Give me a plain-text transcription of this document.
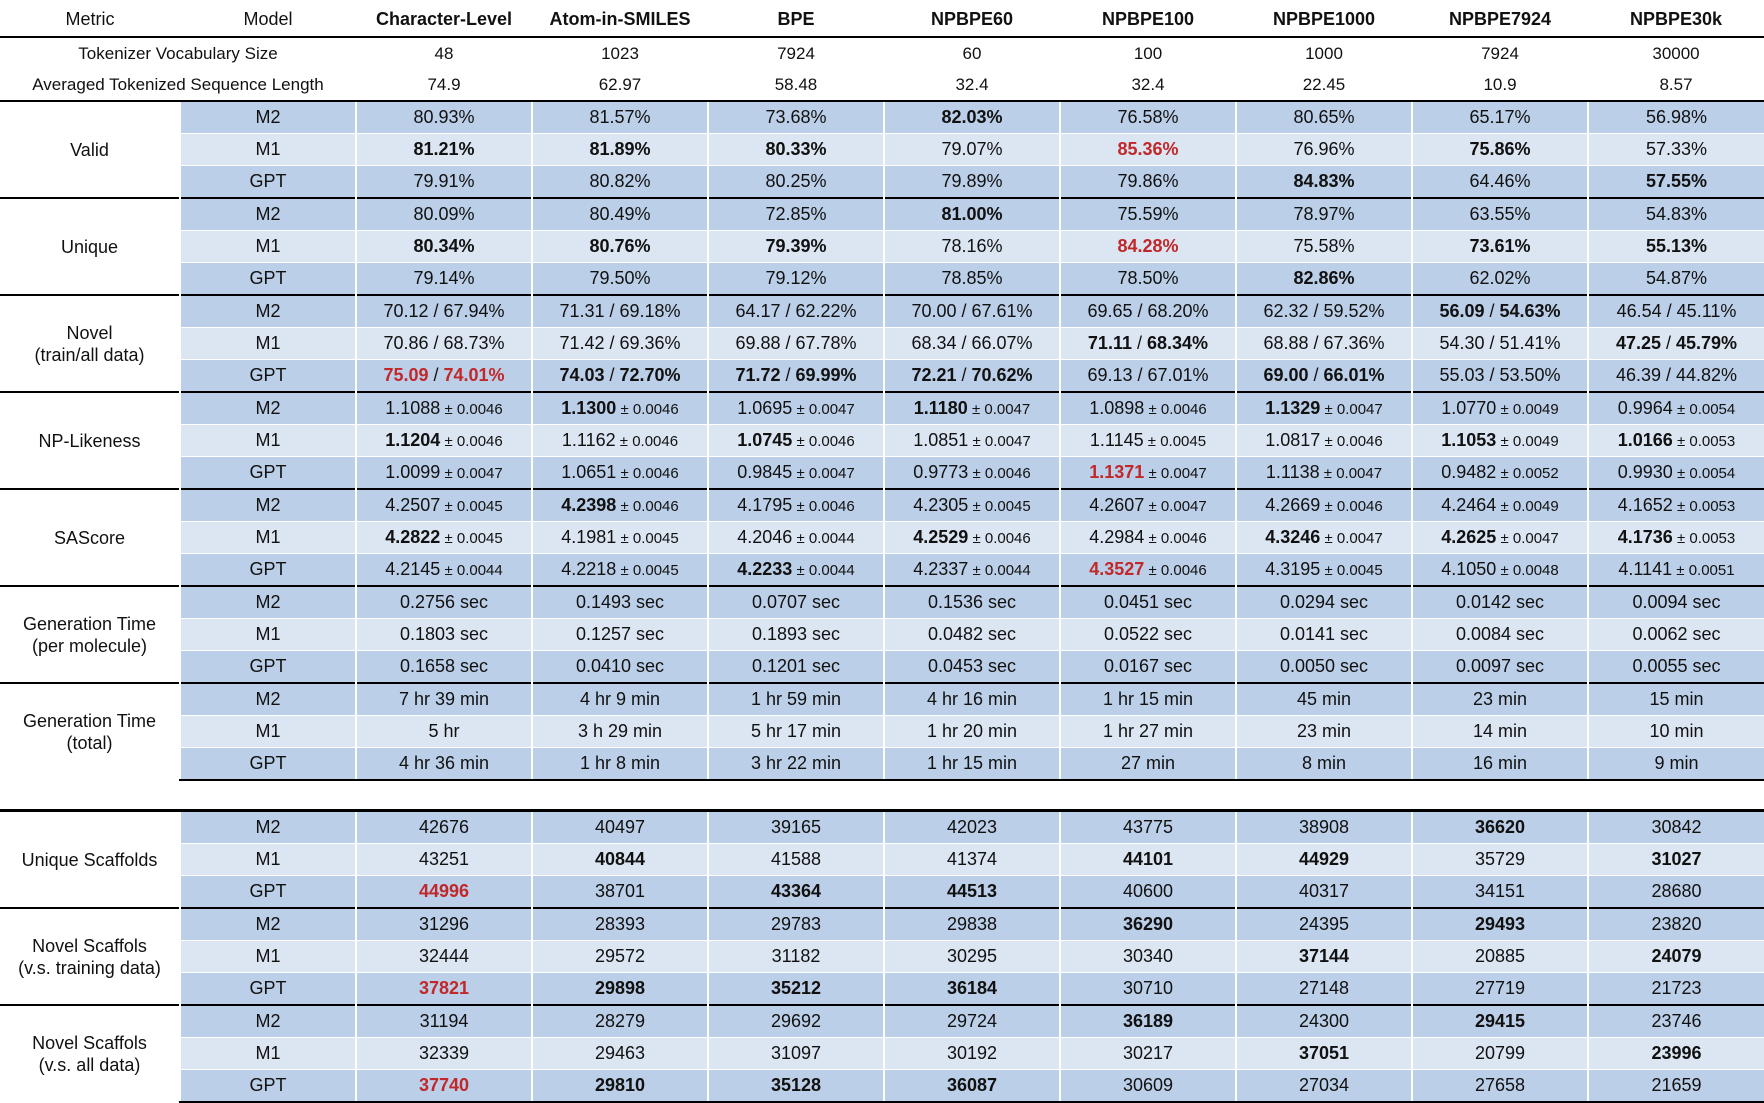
Metric	Model	Character-Level	Atom-in-SMILES	BPE	NPBPE60	NPBPE100	NPBPE1000	NPBPE7924	NPBPE30k
Tokenizer Vocabulary Size		48	1023	7924	60	100	1000	7924	30000
Averaged Tokenized Sequence Length		74.9	62.97	58.48	32.4	32.4	22.45	10.9	8.57
Valid	M2	80.93%	81.57%	73.68%	82.03%	76.58%	80.65%	65.17%	56.98%
	M1	81.21%	81.89%	80.33%	79.07%	85.36%	76.96%	75.86%	57.33%
	GPT	79.91%	80.82%	80.25%	79.89%	79.86%	84.83%	64.46%	57.55%
Unique	M2	80.09%	80.49%	72.85%	81.00%	75.59%	78.97%	63.55%	54.83%
	M1	80.34%	80.76%	79.39%	78.16%	84.28%	75.58%	73.61%	55.13%
	GPT	79.14%	79.50%	79.12%	78.85%	78.50%	82.86%	62.02%	54.87%
Novel
(train/all data)	M2	70.12 / 67.94%	71.31 / 69.18%	64.17 / 62.22%	70.00 / 67.61%	69.65 / 68.20%	62.32 / 59.52%	56.09 / 54.63%	46.54 / 45.11%
	M1	70.86 / 68.73%	71.42 / 69.36%	69.88 / 67.78%	68.34 / 66.07%	71.11 / 68.34%	68.88 / 67.36%	54.30 / 51.41%	47.25 / 45.79%
	GPT	75.09 / 74.01%	74.03 / 72.70%	71.72 / 69.99%	72.21 / 70.62%	69.13 / 67.01%	69.00 / 66.01%	55.03 / 53.50%	46.39 / 44.82%
NP-Likeness	M2	1.1088 ± 0.0046	1.1300 ± 0.0046	1.0695 ± 0.0047	1.1180 ± 0.0047	1.0898 ± 0.0046	1.1329 ± 0.0047	1.0770 ± 0.0049	0.9964 ± 0.0054
	M1	1.1204 ± 0.0046	1.1162 ± 0.0046	1.0745 ± 0.0046	1.0851 ± 0.0047	1.1145 ± 0.0045	1.0817 ± 0.0046	1.1053 ± 0.0049	1.0166 ± 0.0053
	GPT	1.0099 ± 0.0047	1.0651 ± 0.0046	0.9845 ± 0.0047	0.9773 ± 0.0046	1.1371 ± 0.0047	1.1138 ± 0.0047	0.9482 ± 0.0052	0.9930 ± 0.0054
SAScore	M2	4.2507 ± 0.0045	4.2398 ± 0.0046	4.1795 ± 0.0046	4.2305 ± 0.0045	4.2607 ± 0.0047	4.2669 ± 0.0046	4.2464 ± 0.0049	4.1652 ± 0.0053
	M1	4.2822 ± 0.0045	4.1981 ± 0.0045	4.2046 ± 0.0044	4.2529 ± 0.0046	4.2984 ± 0.0046	4.3246 ± 0.0047	4.2625 ± 0.0047	4.1736 ± 0.0053
	GPT	4.2145 ± 0.0044	4.2218 ± 0.0045	4.2233 ± 0.0044	4.2337 ± 0.0044	4.3527 ± 0.0046	4.3195 ± 0.0045	4.1050 ± 0.0048	4.1141 ± 0.0051
Generation Time
(per molecule)	M2	0.2756 sec	0.1493 sec	0.0707 sec	0.1536 sec	0.0451 sec	0.0294 sec	0.0142 sec	0.0094 sec
	M1	0.1803 sec	0.1257 sec	0.1893 sec	0.0482 sec	0.0522 sec	0.0141 sec	0.0084 sec	0.0062 sec
	GPT	0.1658 sec	0.0410 sec	0.1201 sec	0.0453 sec	0.0167 sec	0.0050 sec	0.0097 sec	0.0055 sec
Generation Time
(total)	M2	7 hr 39 min	4 hr 9 min	1 hr 59 min	4 hr 16 min	1 hr 15 min	45 min	23 min	15 min
	M1	5 hr	3 h 29 min	5 hr 17 min	1 hr 20 min	1 hr 27 min	23 min	14 min	10 min
	GPT	4 hr 36 min	1 hr 8 min	3 hr 22 min	1 hr 15 min	27 min	8 min	16 min	9 min

Unique Scaffolds	M2	42676	40497	39165	42023	43775	38908	36620	30842
	M1	43251	40844	41588	41374	44101	44929	35729	31027
	GPT	44996	38701	43364	44513	40600	40317	34151	28680
Novel Scaffols
(v.s. training data)	M2	31296	28393	29783	29838	36290	24395	29493	23820
	M1	32444	29572	31182	30295	30340	37144	20885	24079
	GPT	37821	29898	35212	36184	30710	27148	27719	21723
Novel Scaffols
(v.s. all data)	M2	31194	28279	29692	29724	36189	24300	29415	23746
	M1	32339	29463	31097	30192	30217	37051	20799	23996
	GPT	37740	29810	35128	36087	30609	27034	27658	21659
